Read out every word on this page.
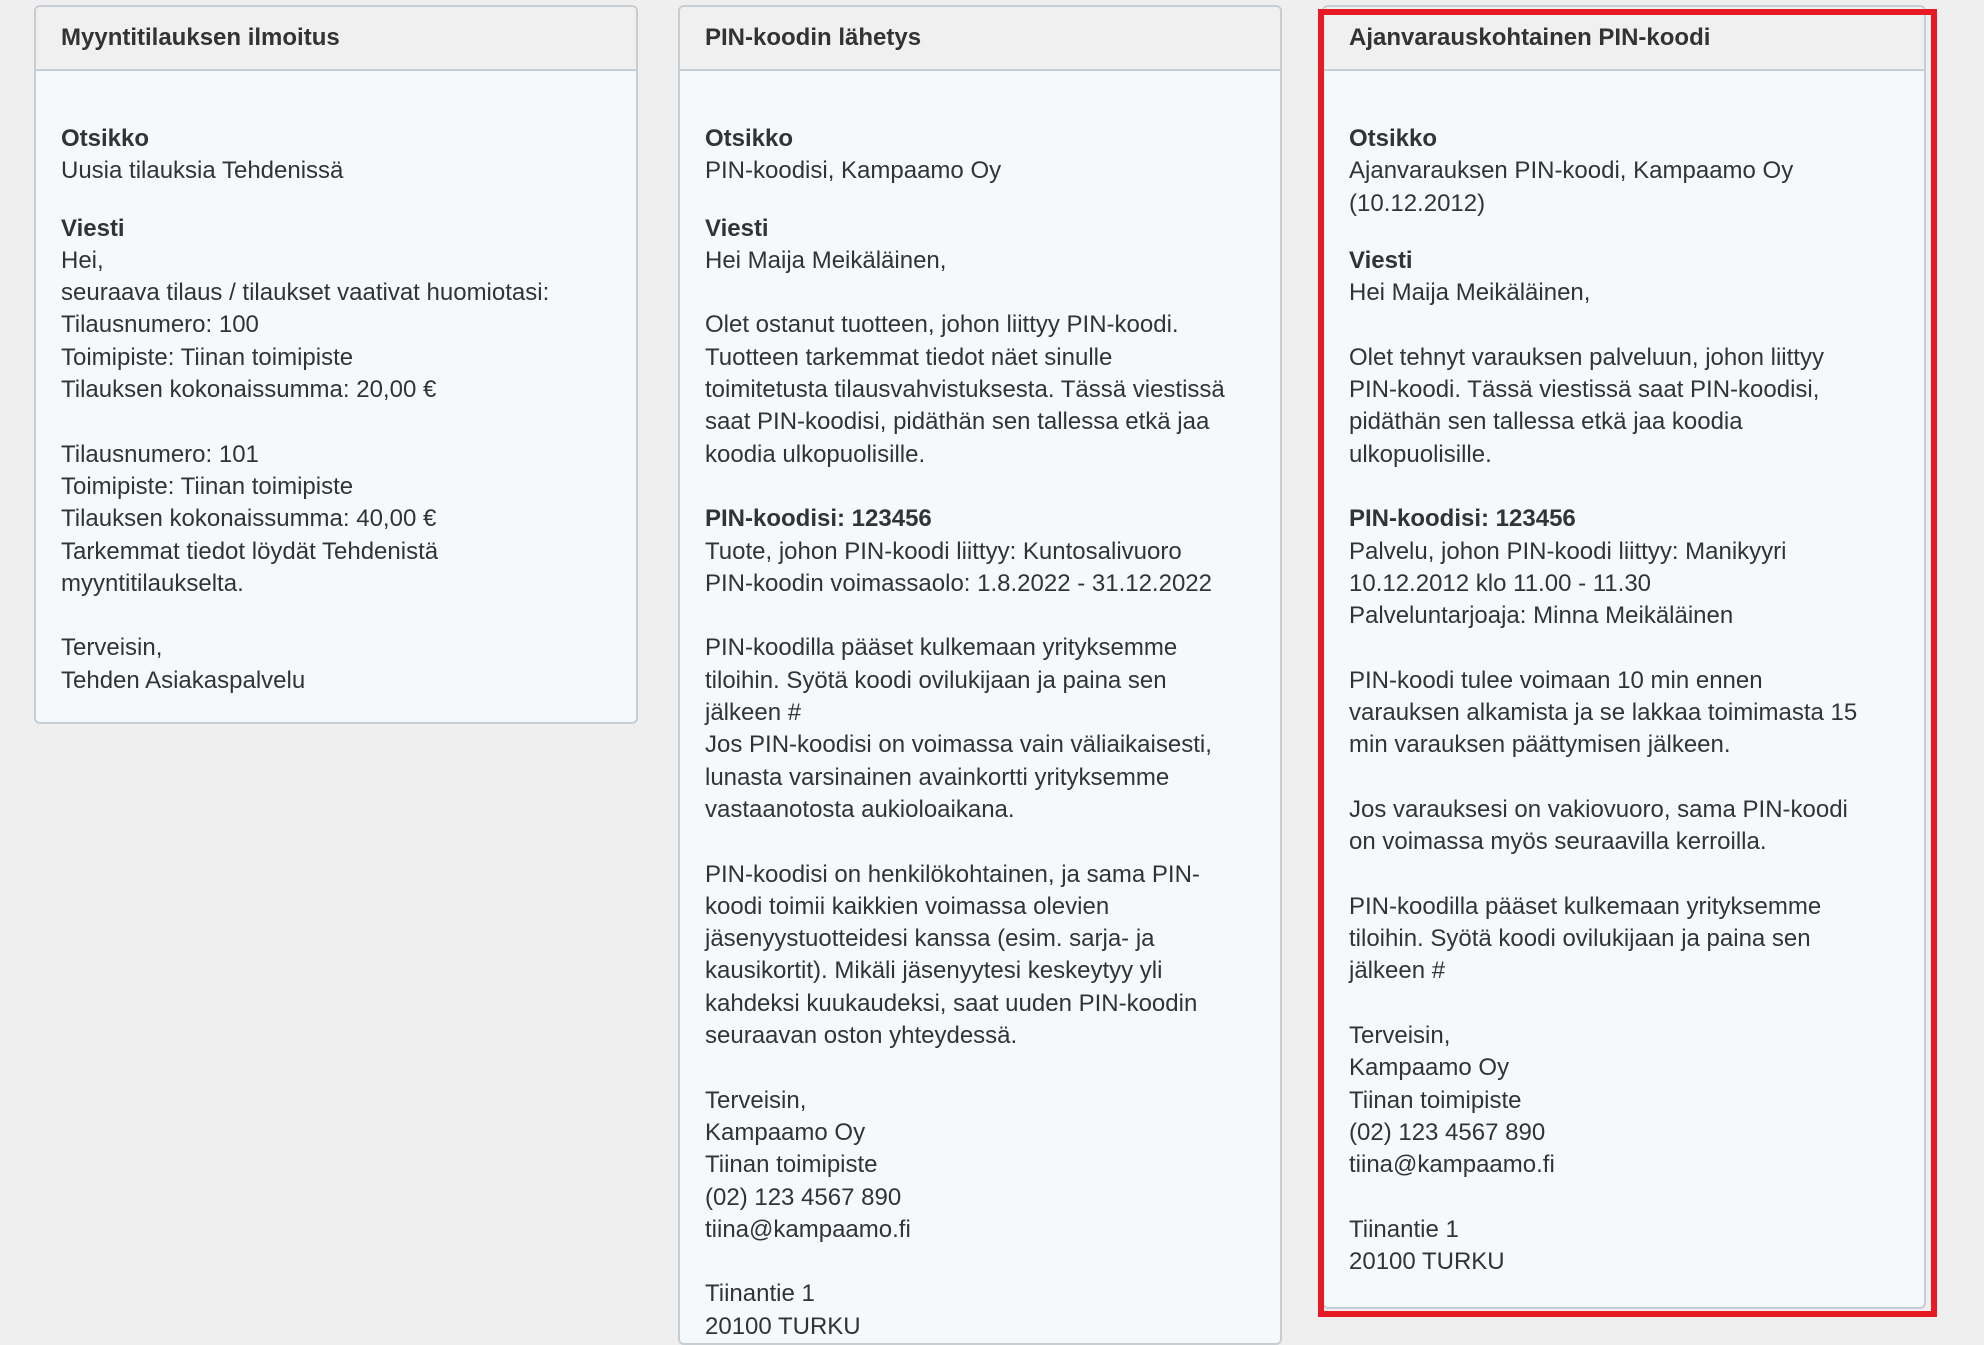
Myyntitilauksen ilmoitus
Otsikko
Uusia tilauksia Tehdenissä
Viesti
Hei,
seuraava tilaus / tilaukset vaativat huomiotasi:
Tilausnumero: 100
Toimipiste: Tiinan toimipiste
Tilauksen kokonaissumma: 20,00 €
Tilausnumero: 101
Toimipiste: Tiinan toimipiste
Tilauksen kokonaissumma: 40,00 €
Tarkemmat tiedot löydät Tehdenistä
myyntitilaukselta.
Terveisin,
Tehden Asiakaspalvelu
PIN-koodin lähetys
Otsikko
PIN-koodisi, Kampaamo Oy
Viesti
Hei Maija Meikäläinen,
Olet ostanut tuotteen, johon liittyy PIN-koodi.
Tuotteen tarkemmat tiedot näet sinulle
toimitetusta tilausvahvistuksesta. Tässä viestissä
saat PIN-koodisi, pidäthän sen tallessa etkä jaa
koodia ulkopuolisille.
PIN-koodisi: 123456
Tuote, johon PIN-koodi liittyy: Kuntosalivuoro
PIN-koodin voimassaolo: 1.8.2022 - 31.12.2022
PIN-koodilla pääset kulkemaan yrityksemme
tiloihin. Syötä koodi ovilukijaan ja paina sen
jälkeen #
Jos PIN-koodisi on voimassa vain väliaikaisesti,
lunasta varsinainen avainkortti yrityksemme
vastaanotosta aukioloaikana.
PIN-koodisi on henkilökohtainen, ja sama PIN-
koodi toimii kaikkien voimassa olevien
jäsenyystuotteidesi kanssa (esim. sarja- ja
kausikortit). Mikäli jäsenyytesi keskeytyy yli
kahdeksi kuukaudeksi, saat uuden PIN-koodin
seuraavan oston yhteydessä.
Terveisin,
Kampaamo Oy
Tiinan toimipiste
(02) 123 4567 890
tiina@kampaamo.fi
Tiinantie 1
20100 TURKU
Ajanvarauskohtainen PIN-koodi
Otsikko
Ajanvarauksen PIN-koodi, Kampaamo Oy
(10.12.2012)
Viesti
Hei Maija Meikäläinen,
Olet tehnyt varauksen palveluun, johon liittyy
PIN-koodi. Tässä viestissä saat PIN-koodisi,
pidäthän sen tallessa etkä jaa koodia
ulkopuolisille.
PIN-koodisi: 123456
Palvelu, johon PIN-koodi liittyy: Manikyyri
10.12.2012 klo 11.00 - 11.30
Palveluntarjoaja: Minna Meikäläinen
PIN-koodi tulee voimaan 10 min ennen
varauksen alkamista ja se lakkaa toimimasta 15
min varauksen päättymisen jälkeen.
Jos varauksesi on vakiovuoro, sama PIN-koodi
on voimassa myös seuraavilla kerroilla.
PIN-koodilla pääset kulkemaan yrityksemme
tiloihin. Syötä koodi ovilukijaan ja paina sen
jälkeen #
Terveisin,
Kampaamo Oy
Tiinan toimipiste
(02) 123 4567 890
tiina@kampaamo.fi
Tiinantie 1
20100 TURKU
